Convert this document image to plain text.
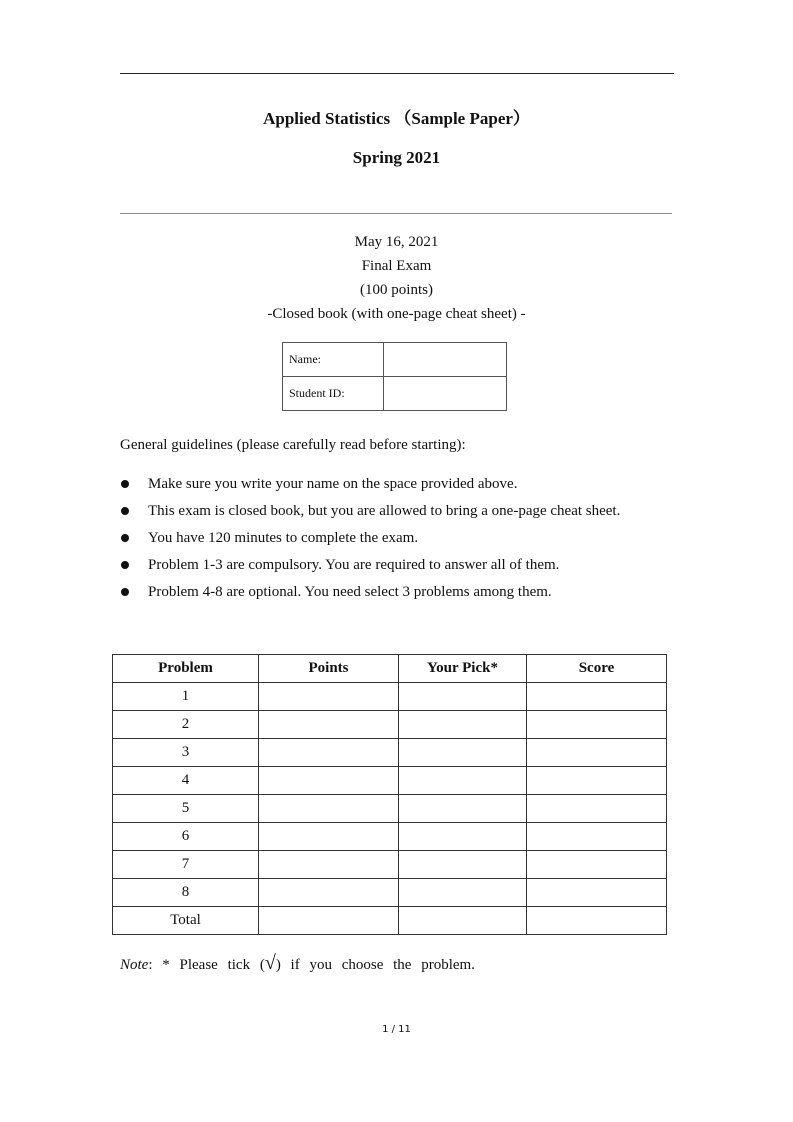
Applied Statistics （Sample Paper）
Spring 2021
May 16, 2021
Final Exam
(100 points)
-Closed book (with one-page cheat sheet) -
Name:	
Student ID:	
General guidelines (please carefully read before starting):
Make sure you write your name on the space provided above.
This exam is closed book, but you are allowed to bring a one-page cheat sheet.
You have 120 minutes to complete the exam.
Problem 1-3 are compulsory. You are required to answer all of them.
Problem 4-8 are optional. You need select 3 problems among them.
Problem	Points	Your Pick*	Score
1			
2			
3			
4			
5			
6			
7			
8			
Total			
Note: * Please tick (√) if you choose the problem.
1 / 11
